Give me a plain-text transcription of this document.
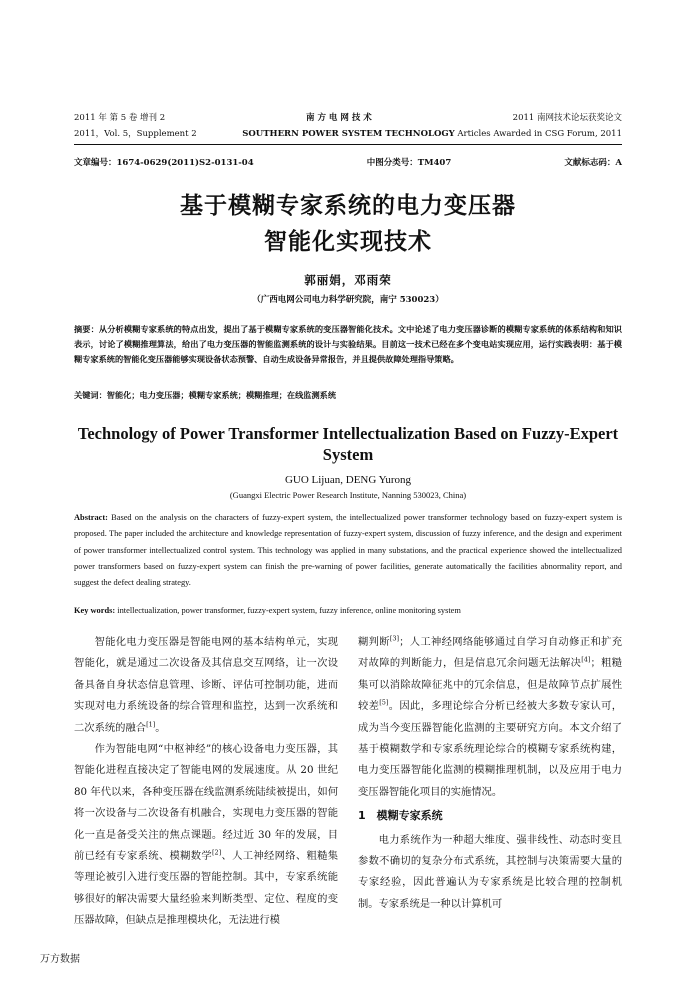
2011 年 第 5 卷 增刊 2	南 方 电 网 技 术	2011 南网技术论坛获奖论文
2011，Vol. 5，Supplement 2	SOUTHERN POWER SYSTEM TECHNOLOGY Articles Awarded in CSG Forum, 2011
文章编号：1674-0629(2011)S2-0131-04	中图分类号：TM407	文献标志码：A
基于模糊专家系统的电力变压器
智能化实现技术
郭丽娟，邓雨荣
（广西电网公司电力科学研究院，南宁 530023）
摘要：从分析模糊专家系统的特点出发，提出了基于模糊专家系统的变压器智能化技术。文中论述了电力变压器诊断的模糊专家系统的体系结构和知识表示，讨论了模糊推理算法，给出了电力变压器的智能监测系统的设计与实验结果。目前这一技术已经在多个变电站实现应用，运行实践表明：基于模糊专家系统的智能化变压器能够实现设备状态预警、自动生成设备异常报告，并且提供故障处理指导策略。
关键词：智能化；电力变压器；模糊专家系统；模糊推理；在线监测系统
Technology of Power Transformer Intellectualization Based on Fuzzy-Expert
System
GUO Lijuan, DENG Yurong
(Guangxi Electric Power Research Institute, Nanning 530023, China)
Abstract: Based on the analysis on the characters of fuzzy-expert system, the intellectualized power transformer technology based on fuzzy-expert system is proposed. The paper included the architecture and knowledge representation of fuzzy-expert system, discussion of fuzzy inference, and the design and experiment of power transformer intellectualized control system. This technology was applied in many substations, and the practical experience showed the intellectualized power transformers based on fuzzy-expert system can finish the pre-warning of power facilities, generate automatically the facilities abnormality report, and suggest the defect dealing strategy.
Key words: intellectualization, power transformer, fuzzy-expert system, fuzzy inference, online monitoring system

智能化电力变压器是智能电网的基本结构单元，实现智能化，就是通过二次设备及其信息交互网络，让一次设备具备自身状态信息管理、诊断、评估可控制功能，进而实现对电力系统设备的综合管理和监控，达到一次系统和二次系统的融合[1]。

作为智能电网“中枢神经”的核心设备电力变压器，其智能化进程直接决定了智能电网的发展速度。从 20 世纪 80 年代以来，各种变压器在线监测系统陆续被提出，如何将一次设备与二次设备有机融合，实现电力变压器的智能化一直是备受关注的焦点课题。经过近 30 年的发展，目前已经有专家系统、模糊数学[2]、人工神经网络、粗糙集等理论被引入进行变压器的智能控制。其中，专家系统能够很好的解决需要大量经验来判断类型、定位、程度的变压器故障，但缺点是推理模块化，无法进行模

糊判断[3]；人工神经网络能够通过自学习自动修正和扩充对故障的判断能力，但是信息冗余问题无法解决[4]；粗糙集可以消除故障征兆中的冗余信息，但是故障节点扩展性较差[5]。因此，多理论综合分析已经被大多数专家认可，成为当今变压器智能化监测的主要研究方向。本文介绍了基于模糊数学和专家系统理论综合的模糊专家系统构建，电力变压器智能化监测的模糊推理机制，以及应用于电力变压器智能化项目的实施情况。

1　模糊专家系统

电力系统作为一种超大维度、强非线性、动态时变且参数不确切的复杂分布式系统，其控制与决策需要大量的专家经验，因此普遍认为专家系统是比较合理的控制机制。专家系统是一种以计算机可

万方数据
